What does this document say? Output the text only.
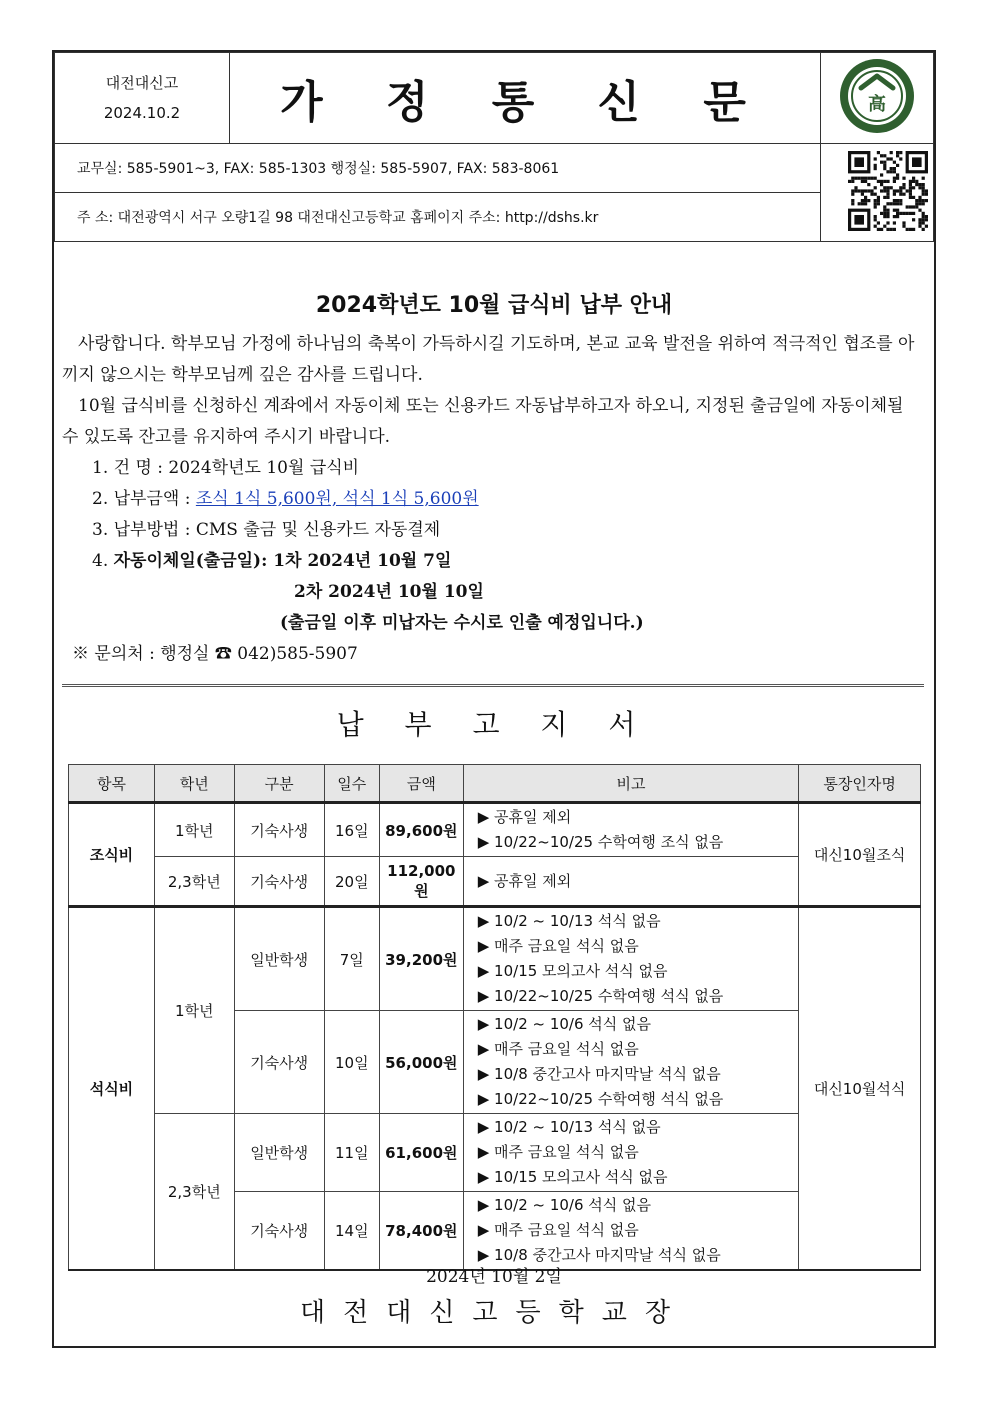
대전대신고
2024.10.2	가 정 통 신 문	高

교무실: 585-5901~3, FAX: 585-1303 행정실: 585-5907, FAX: 583-8061	
주 소: 대전광역시 서구 오량1길 98 대전대신고등학교 홈페이지 주소: http://dshs.kr		
2024학년도 10월 급식비 납부 안내
사랑합니다. 학부모님 가정에 하나님의 축복이 가득하시길 기도하며, 본교 교육 발전을 위하여 적극적인 협조를 아끼지 않으시는 학부모님께 깊은 감사를 드립니다.
10월 급식비를 신청하신 계좌에서 자동이체 또는 신용카드 자동납부하고자 하오니, 지정된 출금일에 자동이체될 수 있도록 잔고를 유지하여 주시기 바랍니다.
1. 건 명 : 2024학년도 10월 급식비
2. 납부금액 : 조식 1식 5,600원, 석식 1식 5,600원
3. 납부방법 : CMS 출금 및 신용카드 자동결제
4. 자동이체일(출금일): 1차 2024년 10월 7일
2차 2024년 10월 10일
(출금일 이후 미납자는 수시로 인출 예정입니다.)
※ 문의처 : 행정실 ☎ 042)585-5907
납 부 고 지 서
항목	학년	구분	일수	금액	비고	통장인자명
조식비	1학년	기숙사생	16일	89,600원	▶ 공휴일 제외
▶ 10/22~10/25 수학여행 조식 없음	대신10월조식
	2,3학년	기숙사생	20일	112,000원	▶ 공휴일 제외	

석식비	1학년	일반학생	7일	39,200원	▶ 10/2 ~ 10/13 석식 없음
▶ 매주 금요일 석식 없음
▶ 10/15 모의고사 석식 없음
▶ 10/22~10/25 수학여행 석식 없음	대신10월석식
		기숙사생	10일	56,000원	▶ 10/2 ~ 10/6 석식 없음
▶ 매주 금요일 석식 없음
▶ 10/8 중간고사 마지막날 석식 없음
▶ 10/22~10/25 수학여행 석식 없음	

	2,3학년	일반학생	11일	61,600원	▶ 10/2 ~ 10/13 석식 없음
▶ 매주 금요일 석식 없음
▶ 10/15 모의고사 석식 없음	

		기숙사생	14일	78,400원	▶ 10/2 ~ 10/6 석식 없음
▶ 매주 금요일 석식 없음
▶ 10/8 중간고사 마지막날 석식 없음	
2024년 10월 2일
대전대신고등학교장
